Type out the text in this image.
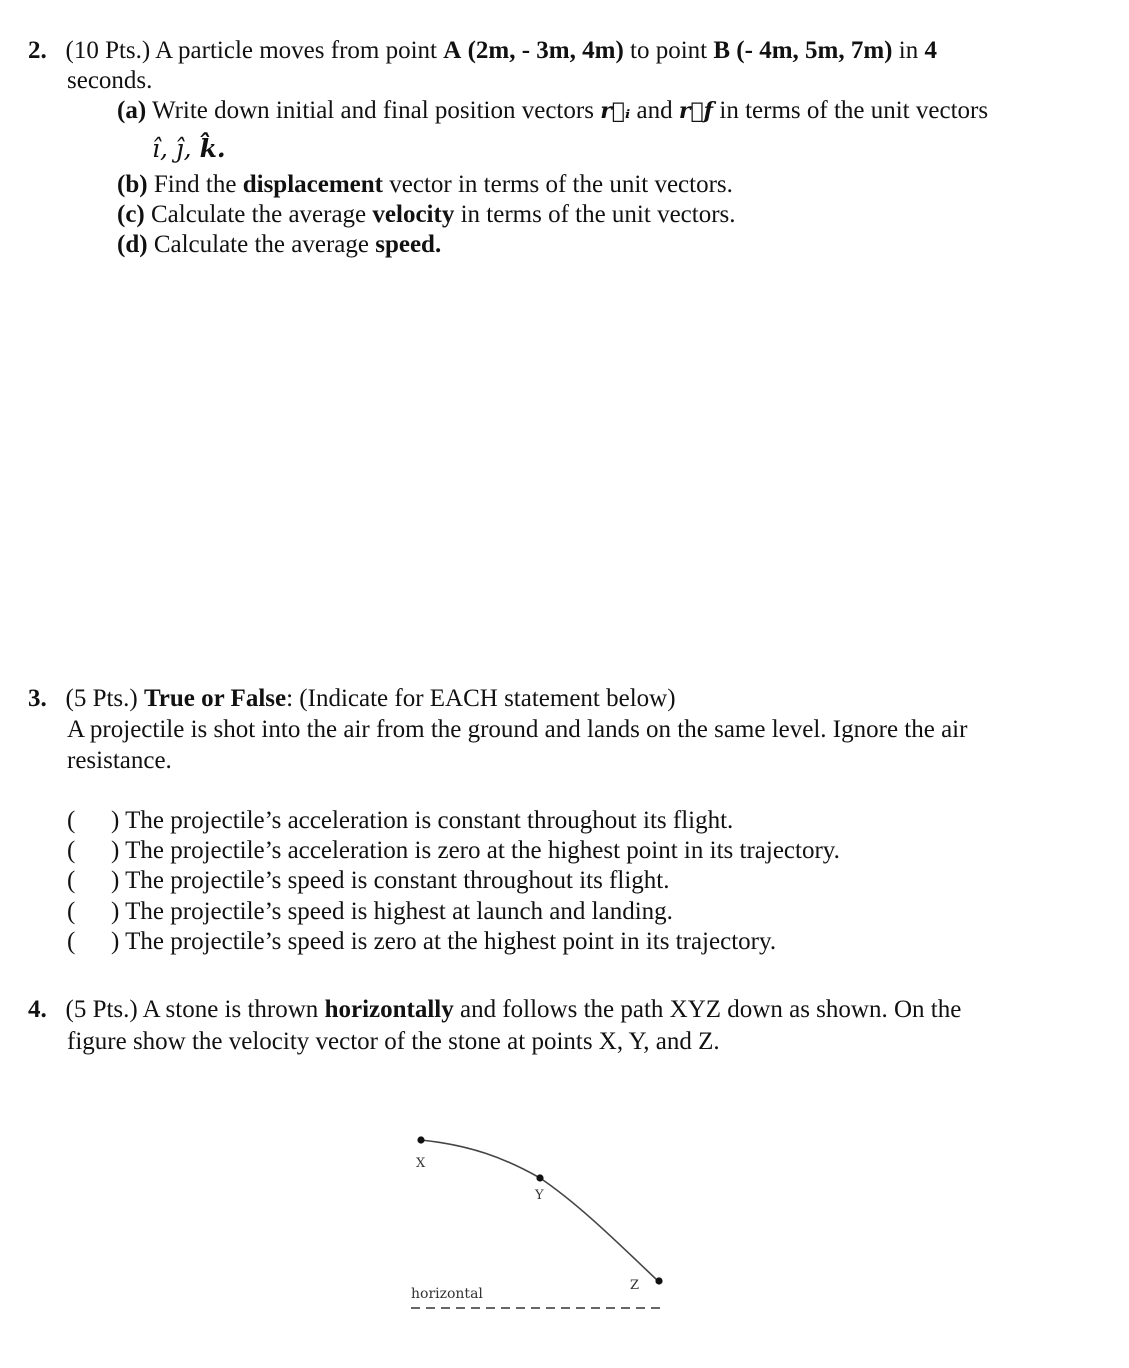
2. (10 Pts.) A particle moves from point A (2m, - 3m, 4m) to point B (- 4m, 5m, 7m) in 4
seconds.
(a) Write down initial and final position vectors r⃗ᵢ and r⃗𝒇 in terms of the unit vectors
î, ĵ, k̂.
(b) Find the displacement vector in terms of the unit vectors.
(c) Calculate the average velocity in terms of the unit vectors.
(d) Calculate the average speed.
3. (5 Pts.) True or False: (Indicate for EACH statement below)
A projectile is shot into the air from the ground and lands on the same level. Ignore the air
resistance.
( ) The projectile’s acceleration is constant throughout its flight.
( ) The projectile’s acceleration is zero at the highest point in its trajectory.
( ) The projectile’s speed is constant throughout its flight.
( ) The projectile’s speed is highest at launch and landing.
( ) The projectile’s speed is zero at the highest point in its trajectory.
4. (5 Pts.) A stone is thrown horizontally and follows the path XYZ down as shown. On the
figure show the velocity vector of the stone at points X, Y, and Z.
X
Y
Z
horizontal
